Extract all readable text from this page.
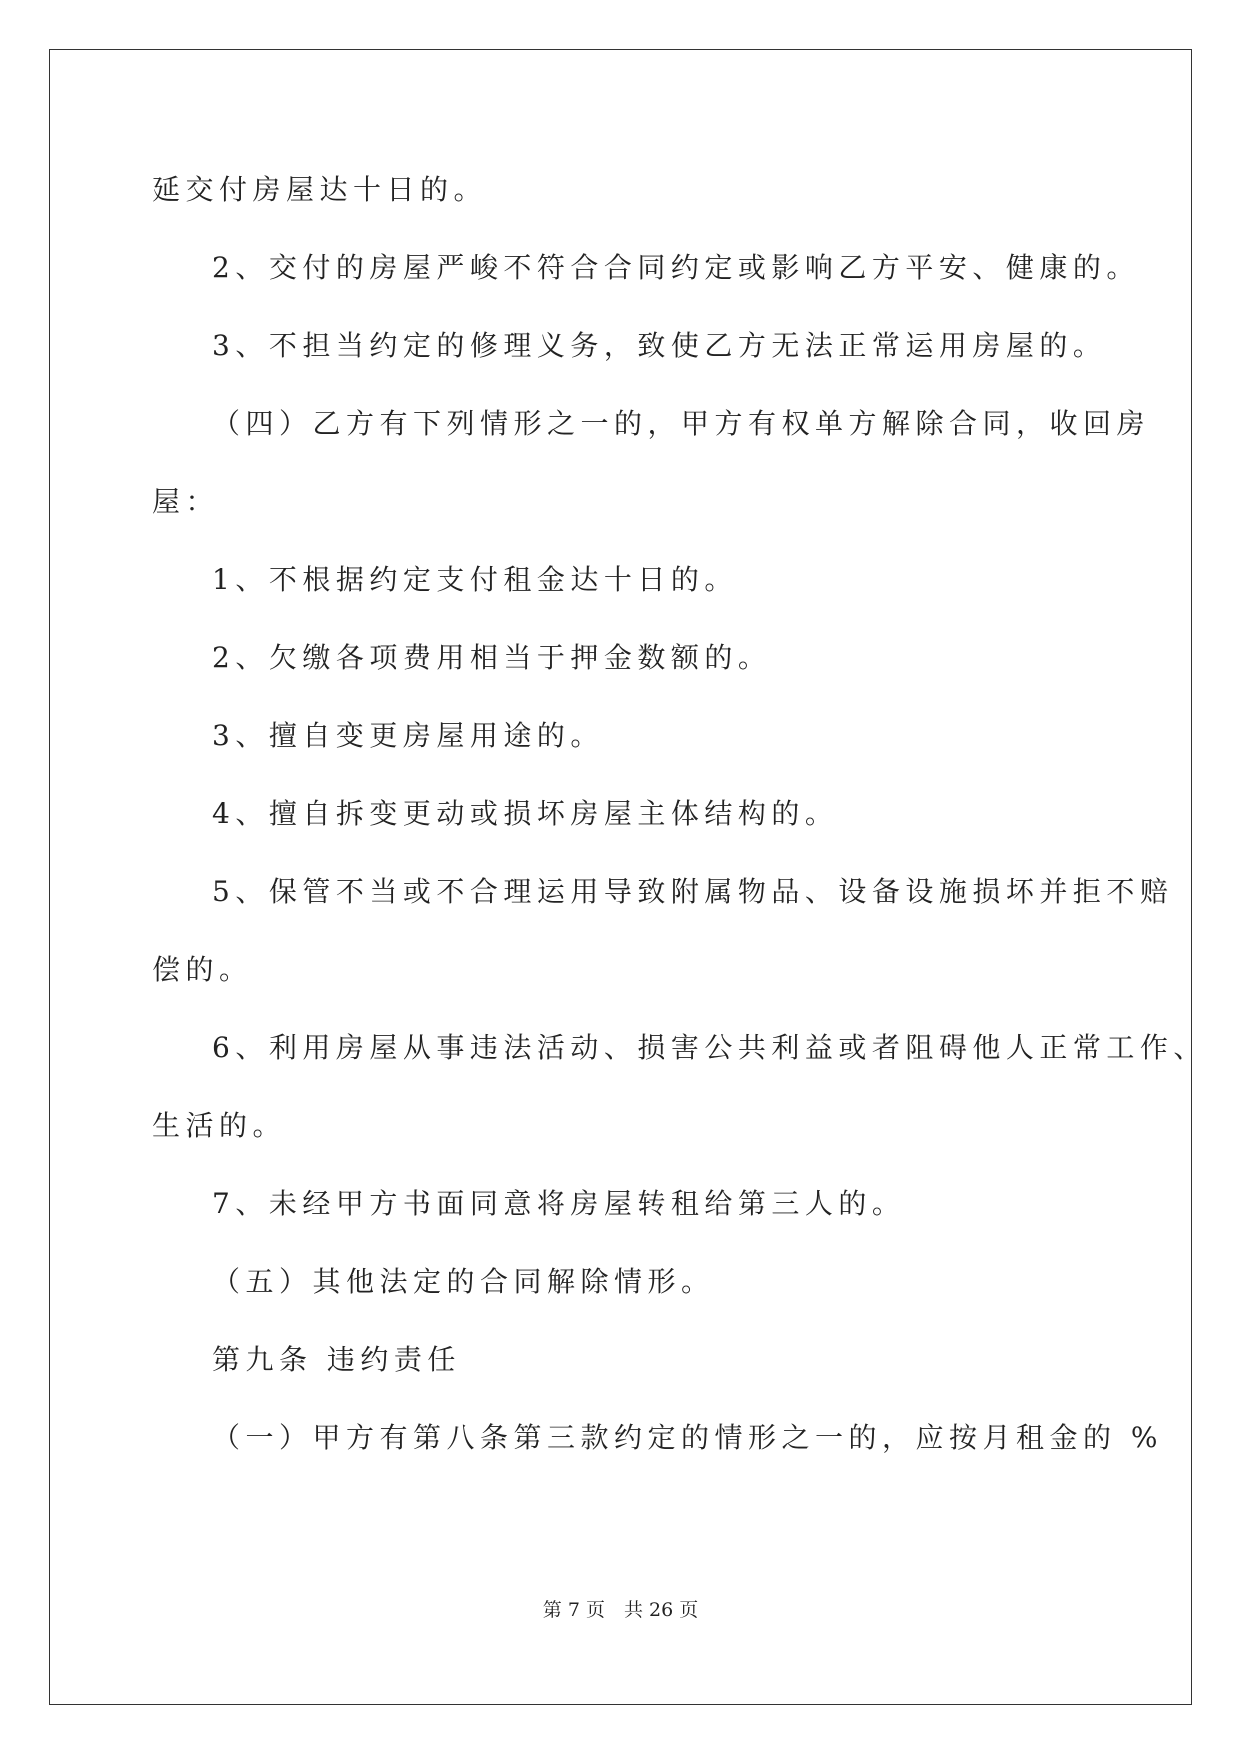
延交付房屋达十日的。
2、交付的房屋严峻不符合合同约定或影响乙方平安、健康的。
3、不担当约定的修理义务，致使乙方无法正常运用房屋的。
（四）乙方有下列情形之一的，甲方有权单方解除合同，收回房
屋：
1、不根据约定支付租金达十日的。
2、欠缴各项费用相当于押金数额的。
3、擅自变更房屋用途的。
4、擅自拆变更动或损坏房屋主体结构的。
5、保管不当或不合理运用导致附属物品、设备设施损坏并拒不赔
偿的。
6、利用房屋从事违法活动、损害公共利益或者阻碍他人正常工作、
生活的。
7、未经甲方书面同意将房屋转租给第三人的。
（五）其他法定的合同解除情形。
第九条 违约责任
（一）甲方有第八条第三款约定的情形之一的，应按月租金的 %
第 7 页　共 26 页
